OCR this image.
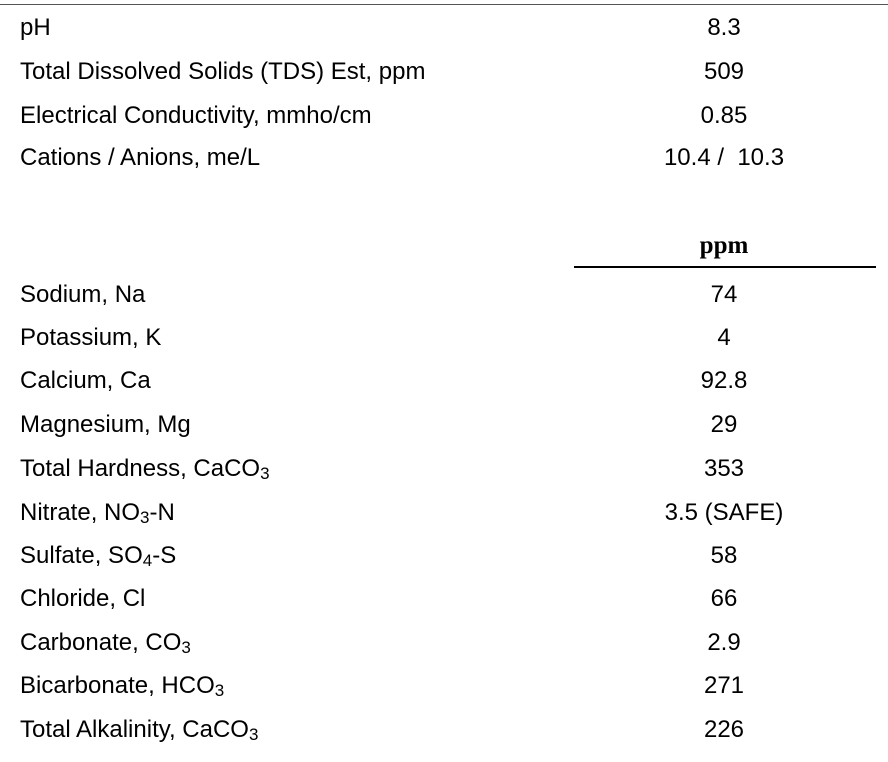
pH	8.3
Total Dissolved Solids (TDS) Est, ppm	509
Electrical Conductivity, mmho/cm	0.85
Cations / Anions, me/L	10.4 /  10.3
ppm
Sodium, Na	74
Potassium, K	4
Calcium, Ca	92.8
Magnesium, Mg	29
Total Hardness, CaCO3	353
Nitrate, NO3-N	3.5 (SAFE)
Sulfate, SO4-S	58
Chloride, Cl	66
Carbonate, CO3	2.9
Bicarbonate, HCO3	271
Total Alkalinity, CaCO3	226
